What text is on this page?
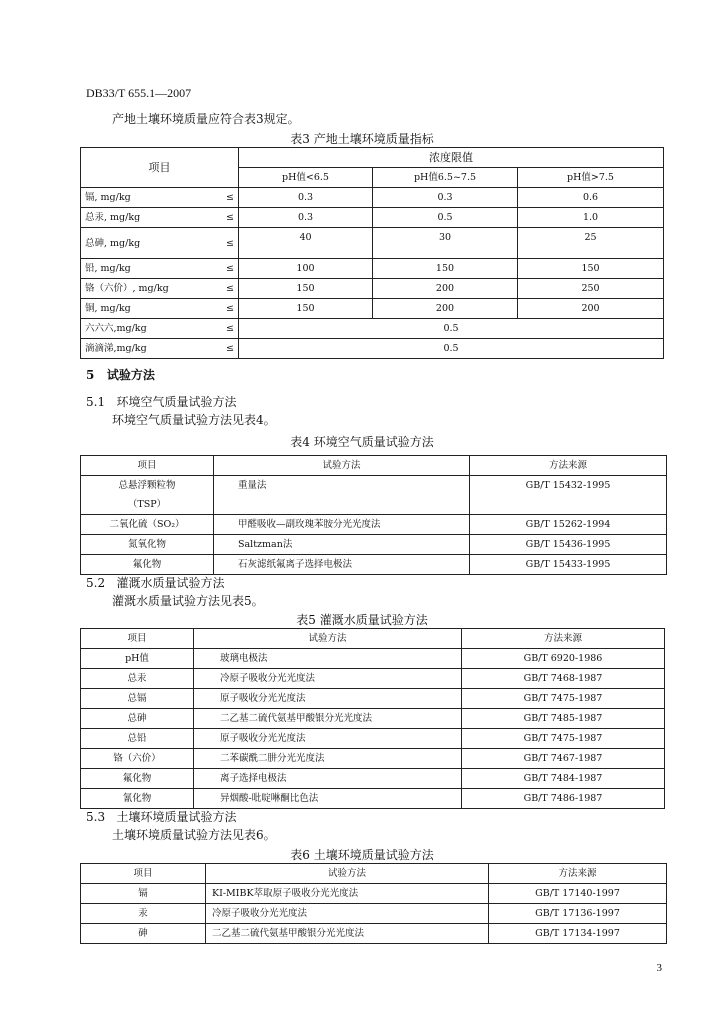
DB33/T 655.1—2007
产地土壤环境质量应符合表3规定。
表3 产地土壤环境质量指标
项目	浓度限值		
	pH值<6.5	pH值6.5~7.5	pH值>7.5
镉, mg/kg ≤	0.3	0.3	0.6
总汞, mg/kg ≤	0.3	0.5	1.0
总砷, mg/kg ≤	40	30	25
铅, mg/kg ≤	100	150	150
铬（六价）, mg/kg ≤	150	200	250
铜, mg/kg ≤	150	200	200
六六六,mg/kg ≤	0.5		
滴滴涕,mg/kg ≤	0.5		
5 试验方法
5.1 环境空气质量试验方法
环境空气质量试验方法见表4。
表4 环境空气质量试验方法
项目	试验方法	方法来源
总悬浮颗粒物
（TSP）	重量法	GB/T 15432-1995
二氧化硫（SO₂）	甲醛吸收—副玫瑰苯胺分光光度法	GB/T 15262-1994
氮氧化物	Saltzman法	GB/T 15436-1995
氟化物	石灰滤纸氟离子选择电极法	GB/T 15433-1995
5.2 灌溉水质量试验方法
灌溉水质量试验方法见表5。
表5 灌溉水质量试验方法
项目	试验方法	方法来源
pH值	玻璃电极法	GB/T 6920-1986
总汞	冷原子吸收分光光度法	GB/T 7468-1987
总镉	原子吸收分光光度法	GB/T 7475-1987
总砷	二乙基二硫代氨基甲酸银分光光度法	GB/T 7485-1987
总铅	原子吸收分光光度法	GB/T 7475-1987
铬（六价）	二苯碳酰二肼分光光度法	GB/T 7467-1987
氟化物	离子选择电极法	GB/T 7484-1987
氰化物	异烟酸-吡啶啉酮比色法	GB/T 7486-1987
5.3 土壤环境质量试验方法
土壤环境质量试验方法见表6。
表6 土壤环境质量试验方法
项目	试验方法	方法来源
镉	KI-MIBK萃取原子吸收分光光度法	GB/T 17140-1997
汞	冷原子吸收分光光度法	GB/T 17136-1997
砷	二乙基二硫代氨基甲酸银分光光度法	GB/T 17134-1997
3
